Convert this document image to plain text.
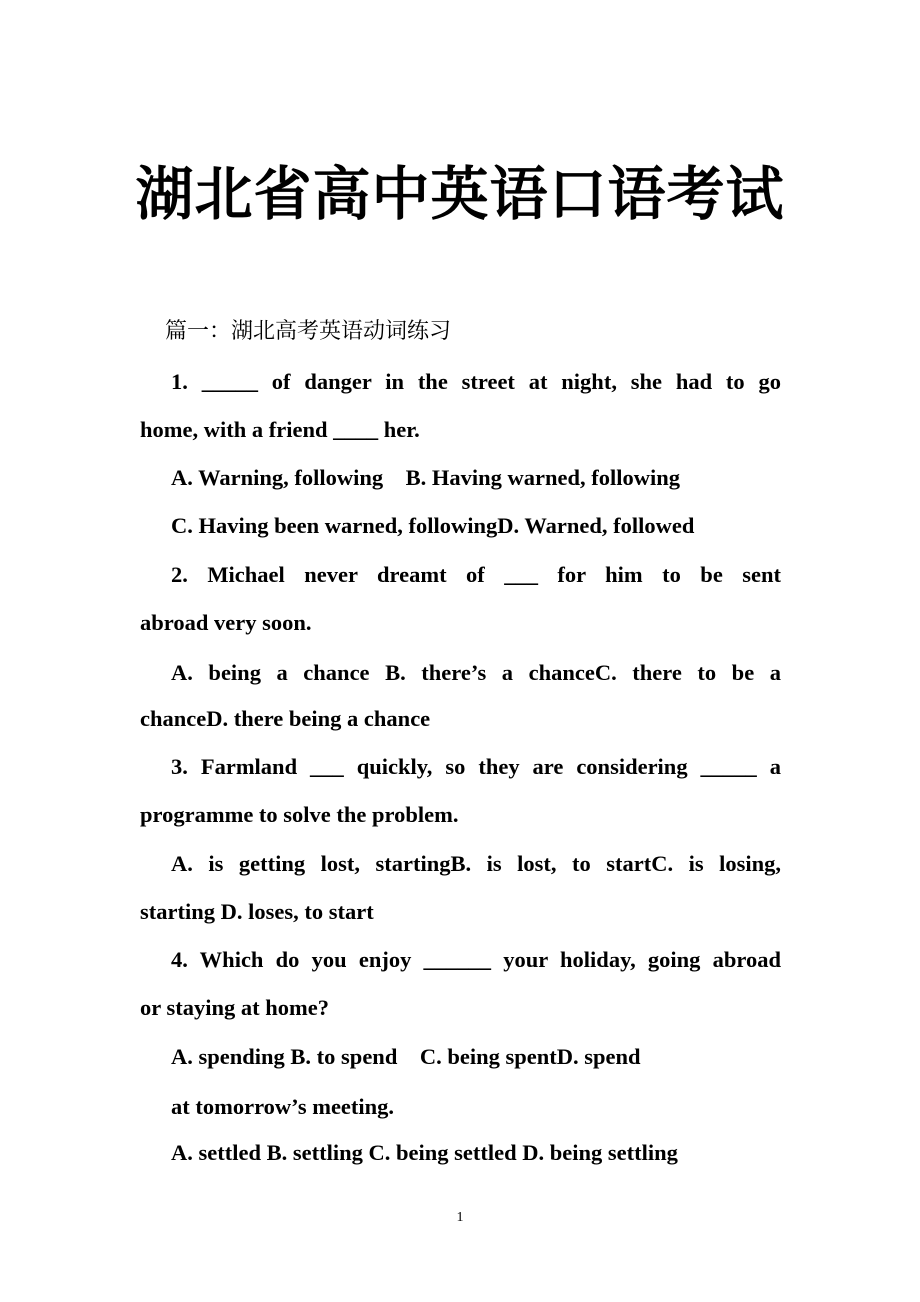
湖北省高中英语口语考试
篇一：湖北高考英语动词练习
1. _____ of danger in the street at night, she had to go
home, with a friend ____ her.
A. Warning, following    B. Having warned, following
C. Having been warned, followingD. Warned, followed
2. Michael never dreamt of ___ for him to be sent
abroad very soon.
A. being a chance B. there’s a chanceC. there to be a
chanceD. there being a chance
3. Farmland ___ quickly, so they are considering _____ a
programme to solve the problem.
A. is getting lost, startingB. is lost, to startC. is losing,
starting D. loses, to start
4. Which do you enjoy ______ your holiday, going abroad
or staying at home?
A. spending B. to spend    C. being spentD. spend
at tomorrow’s meeting.
A. settled B. settling C. being settled D. being settling
1
